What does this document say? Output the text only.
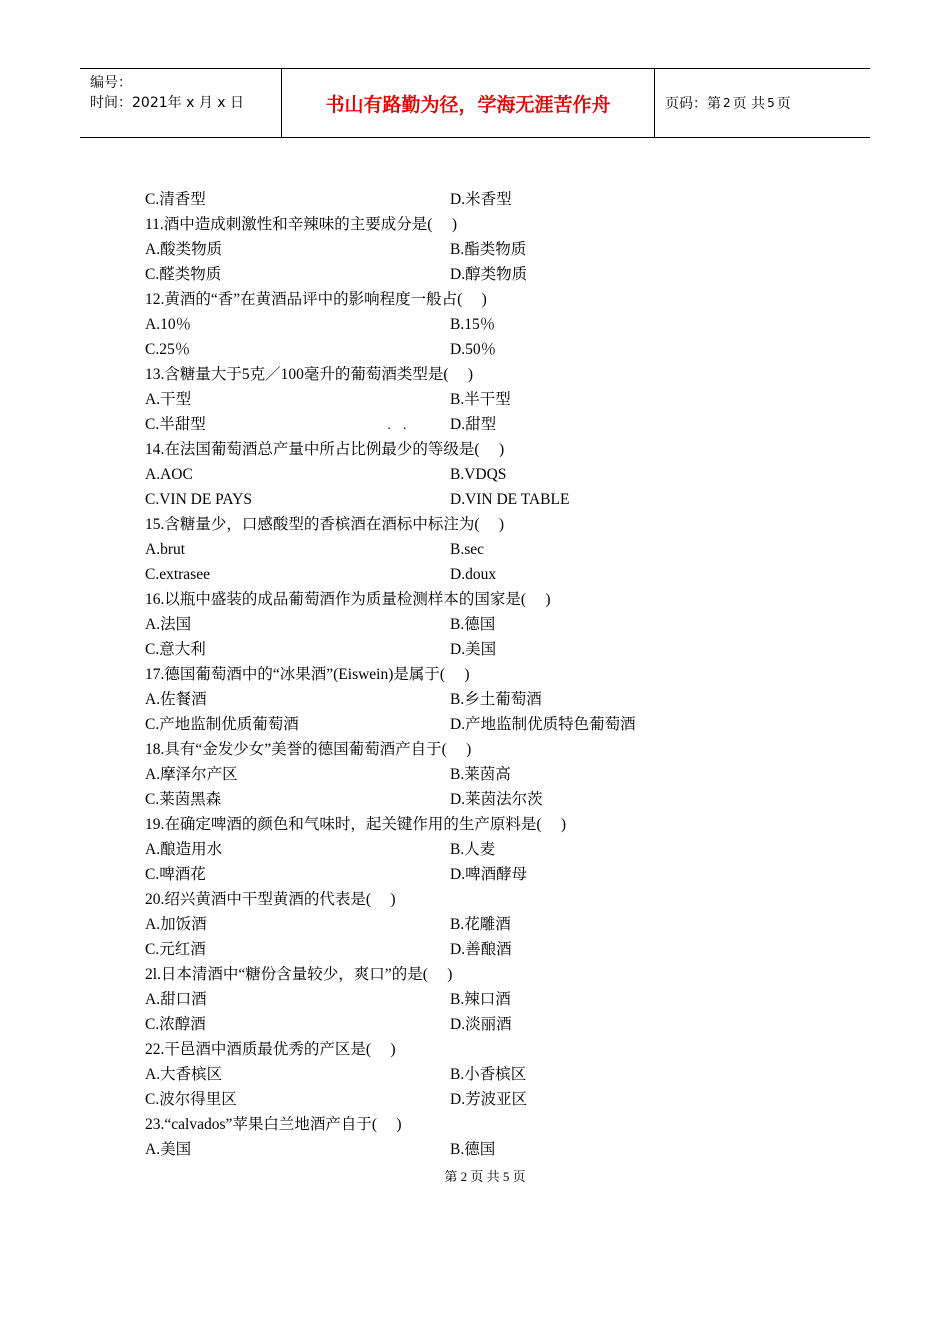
编号：
时间：2021年 x 月 x 日	书山有路勤为径，学海无涯苦作舟	页码：第 2 页 共 5 页
C.清香型	D.米香型
11.酒中造成刺激性和辛辣味的主要成分是(　 )
A.酸类物质	B.酯类物质
C.醛类物质	D.醇类物质
12.黄酒的“香”在黄酒品评中的影响程度一般占(　 )
A.10％	B.15％
C.25％	D.50％
13.含糖量大于5克／100毫升的葡萄酒类型是(　 )
A.干型	B.半干型
C.半甜型	D.甜型
14.在法国葡萄酒总产量中所占比例最少的等级是(　 )
A.AOC	B.VDQS
C.VIN DE PAYS	D.VIN DE TABLE
15.含糖量少，口感酸型的香槟酒在酒标中标注为(　 )
A.brut	B.sec
C.extrasee	D.doux
16.以瓶中盛装的成品葡萄酒作为质量检测样本的国家是(　 )
A.法国	B.德国
C.意大利	D.美国
17.德国葡萄酒中的“冰果酒”(Eiswein)是属于(　 )
A.佐餐酒	B.乡土葡萄酒
C.产地监制优质葡萄酒	D.产地监制优质特色葡萄酒
18.具有“金发少女”美誉的德国葡萄酒产自于(　 )
A.摩泽尔产区	B.莱茵高
C.莱茵黑森	D.莱茵法尔茨
19.在确定啤酒的颜色和气味时，起关键作用的生产原料是(　 )
A.酿造用水	B.人麦
C.啤酒花	D.啤酒酵母
20.绍兴黄酒中干型黄酒的代表是(　 )
A.加饭酒	B.花雕酒
C.元红酒	D.善酿酒
2l.日本清酒中“糖份含量较少，爽口”的是(　 )
A.甜口酒	B.辣口酒
C.浓醇酒	D.淡丽酒
22.干邑酒中酒质最优秀的产区是(　 )
A.大香槟区	B.小香槟区
C.波尔得里区	D.芳波亚区
23.“calvados”苹果白兰地酒产自于(　 )
A.美国	B.德国
第 2 页 共 5 页
